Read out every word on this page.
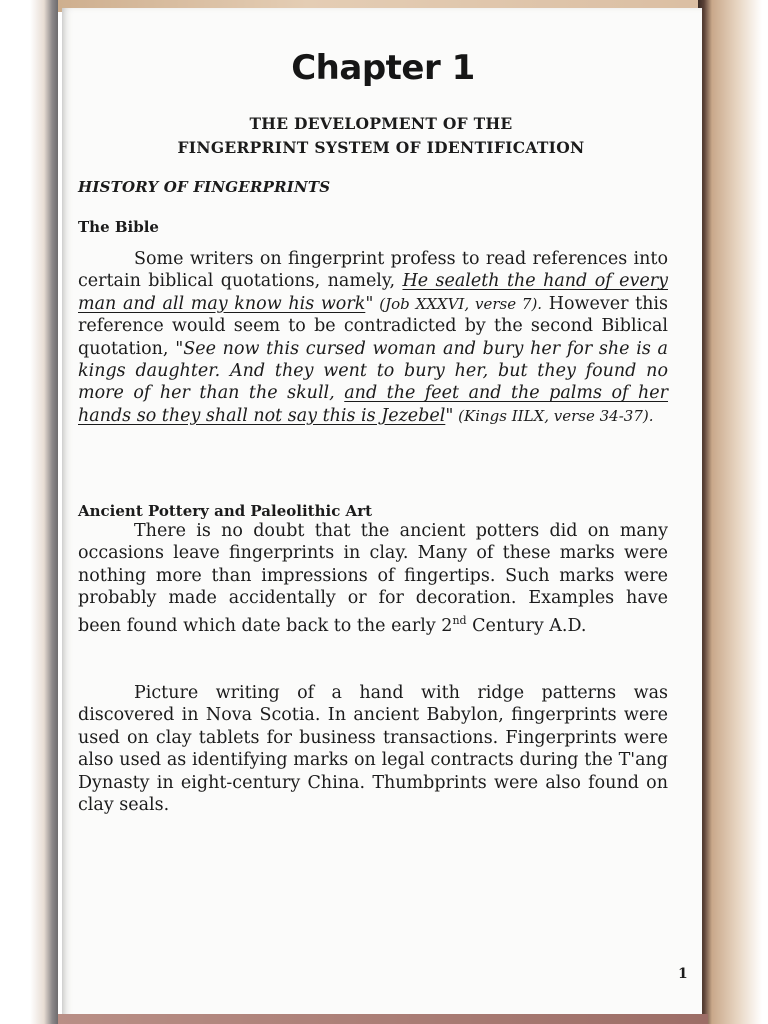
Chapter 1
THE DEVELOPMENT OF THE
FINGERPRINT SYSTEM OF IDENTIFICATION
HISTORY OF FINGERPRINTS
The Bible
Some writers on fingerprint profess to read references into certain biblical quotations, namely, He sealeth the hand of every man and all may know his work" (Job XXXVI, verse 7). However this reference would seem to be contradicted by the second Biblical quotation, "See now this cursed woman and bury her for she is a kings daughter. And they went to bury her, but they found no more of her than the skull, and the feet and the palms of her hands so they shall not say this is Jezebel" (Kings IILX, verse 34-37).
Ancient Pottery and Paleolithic Art
There is no doubt that the ancient potters did on many occasions leave fingerprints in clay. Many of these marks were nothing more than impressions of fingertips. Such marks were probably made accidentally or for decoration. Examples have been found which date back to the early 2nd Century A.D.
Picture writing of a hand with ridge patterns was discovered in Nova Scotia. In ancient Babylon, fingerprints were used on clay tablets for business transactions. Fingerprints were also used as identifying marks on legal contracts during the T'ang Dynasty in eight-century China. Thumbprints were also found on clay seals.
1
